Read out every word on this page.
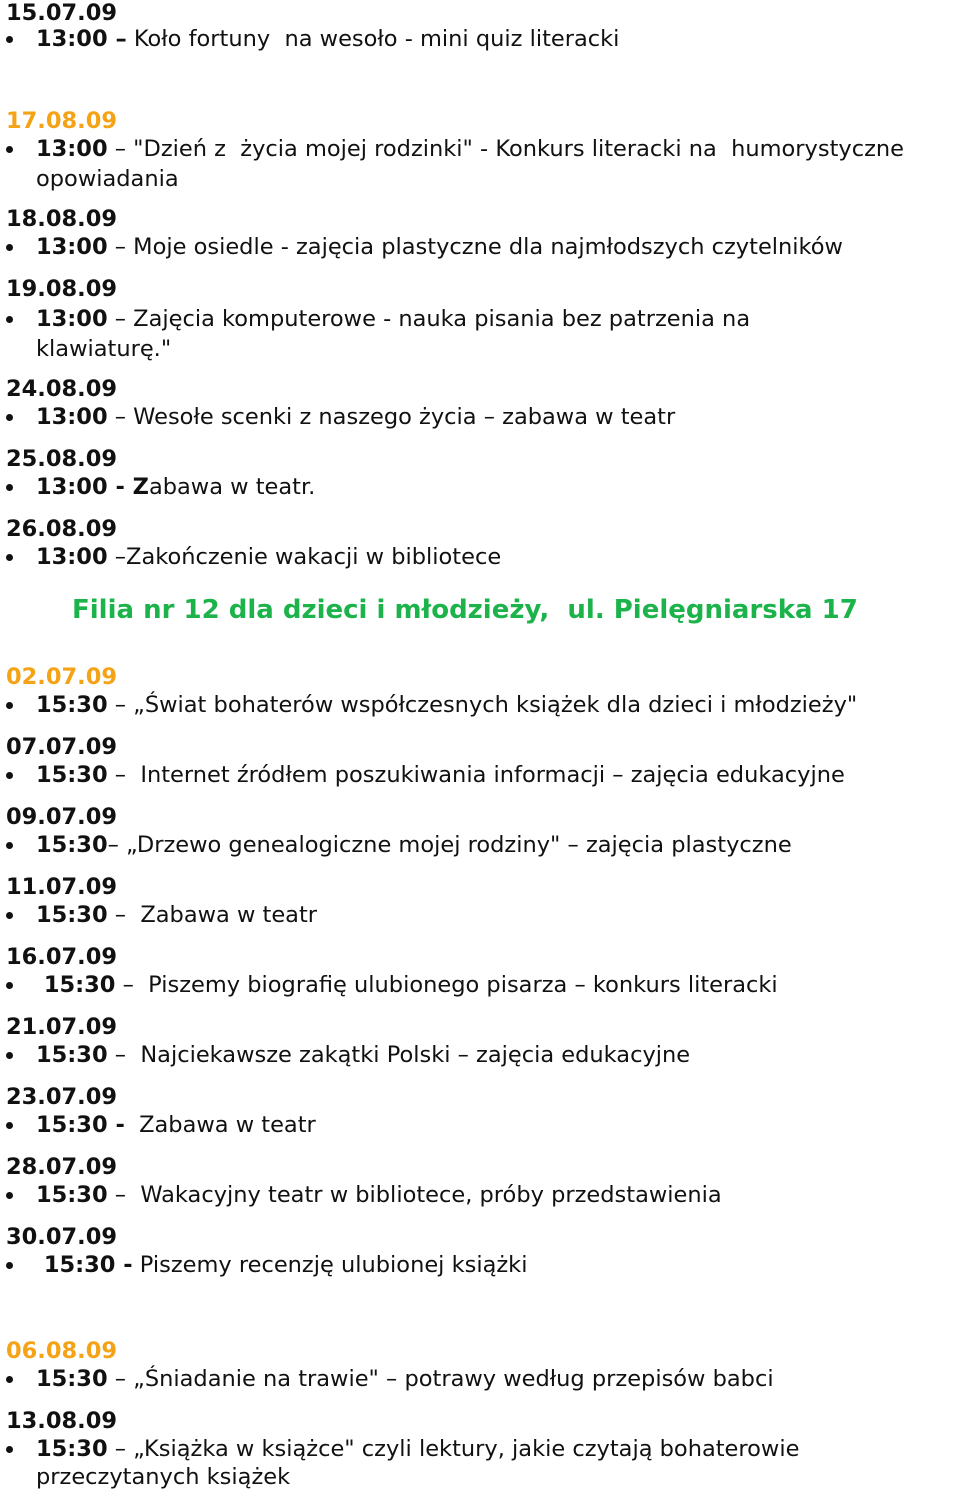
15.07.09
13:00 – Koło fortuny  na wesoło - mini quiz literacki
17.08.09
13:00 – "Dzień z  życia mojej rodzinki" - Konkurs literacki na  humorystyczne
opowiadania
18.08.09
13:00 – Moje osiedle - zajęcia plastyczne dla najmłodszych czytelników
19.08.09
13:00 – Zajęcia komputerowe - nauka pisania bez patrzenia na
klawiaturę."
24.08.09
13:00 – Wesołe scenki z naszego życia – zabawa w teatr
25.08.09
13:00 - Zabawa w teatr.
26.08.09
13:00 –Zakończenie wakacji w bibliotece
Filia nr 12 dla dzieci i młodzieży,  ul. Pielęgniarska 17
02.07.09
15:30 – „Świat bohaterów współczesnych książek dla dzieci i młodzieży"
07.07.09
15:30 –  Internet źródłem poszukiwania informacji – zajęcia edukacyjne
09.07.09
15:30– „Drzewo genealogiczne mojej rodziny" – zajęcia plastyczne
11.07.09
15:30 –  Zabawa w teatr
16.07.09
15:30 –  Piszemy biografię ulubionego pisarza – konkurs literacki
21.07.09
15:30 –  Najciekawsze zakątki Polski – zajęcia edukacyjne
23.07.09
15:30 -  Zabawa w teatr
28.07.09
15:30 –  Wakacyjny teatr w bibliotece, próby przedstawienia
30.07.09
15:30 - Piszemy recenzję ulubionej książki
06.08.09
15:30 – „Śniadanie na trawie" – potrawy według przepisów babci
13.08.09
15:30 – „Książka w książce" czyli lektury, jakie czytają bohaterowie
przeczytanych książek
